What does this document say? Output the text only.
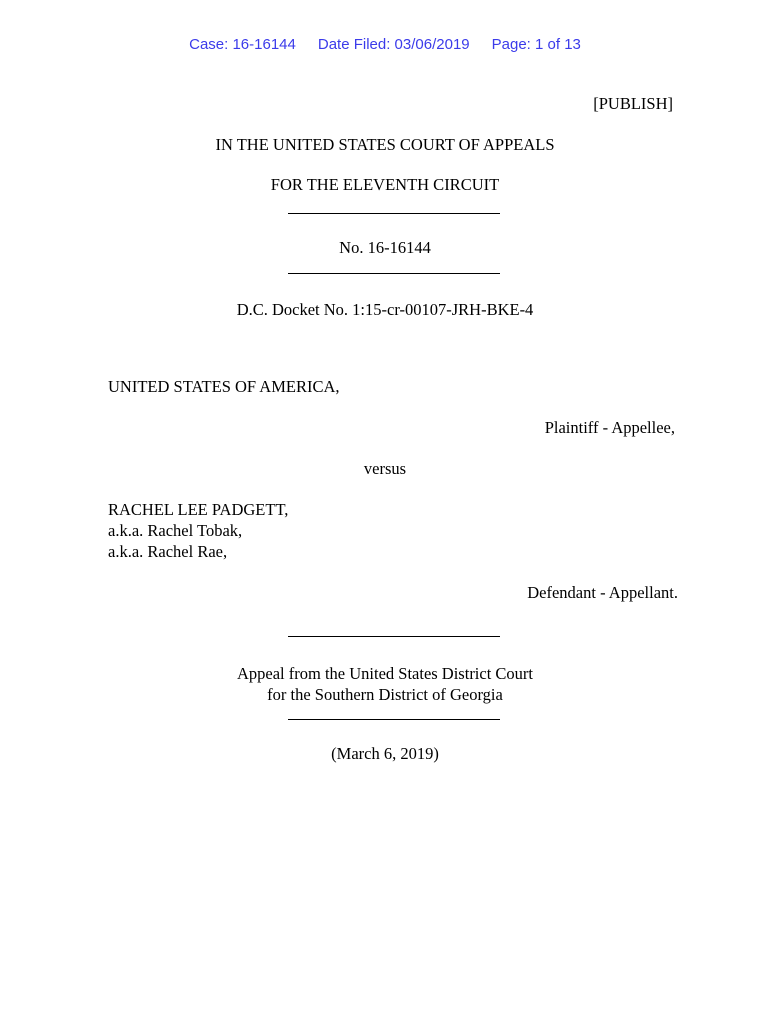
Case: 16-16144 Date Filed: 03/06/2019 Page: 1 of 13
[PUBLISH]
IN THE UNITED STATES COURT OF APPEALS
FOR THE ELEVENTH CIRCUIT
No. 16-16144
D.C. Docket No. 1:15-cr-00107-JRH-BKE-4
UNITED STATES OF AMERICA,
Plaintiff - Appellee,
versus
RACHEL LEE PADGETT,
a.k.a. Rachel Tobak,
a.k.a. Rachel Rae,
Defendant - Appellant.
Appeal from the United States District Court
for the Southern District of Georgia
(March 6, 2019)
